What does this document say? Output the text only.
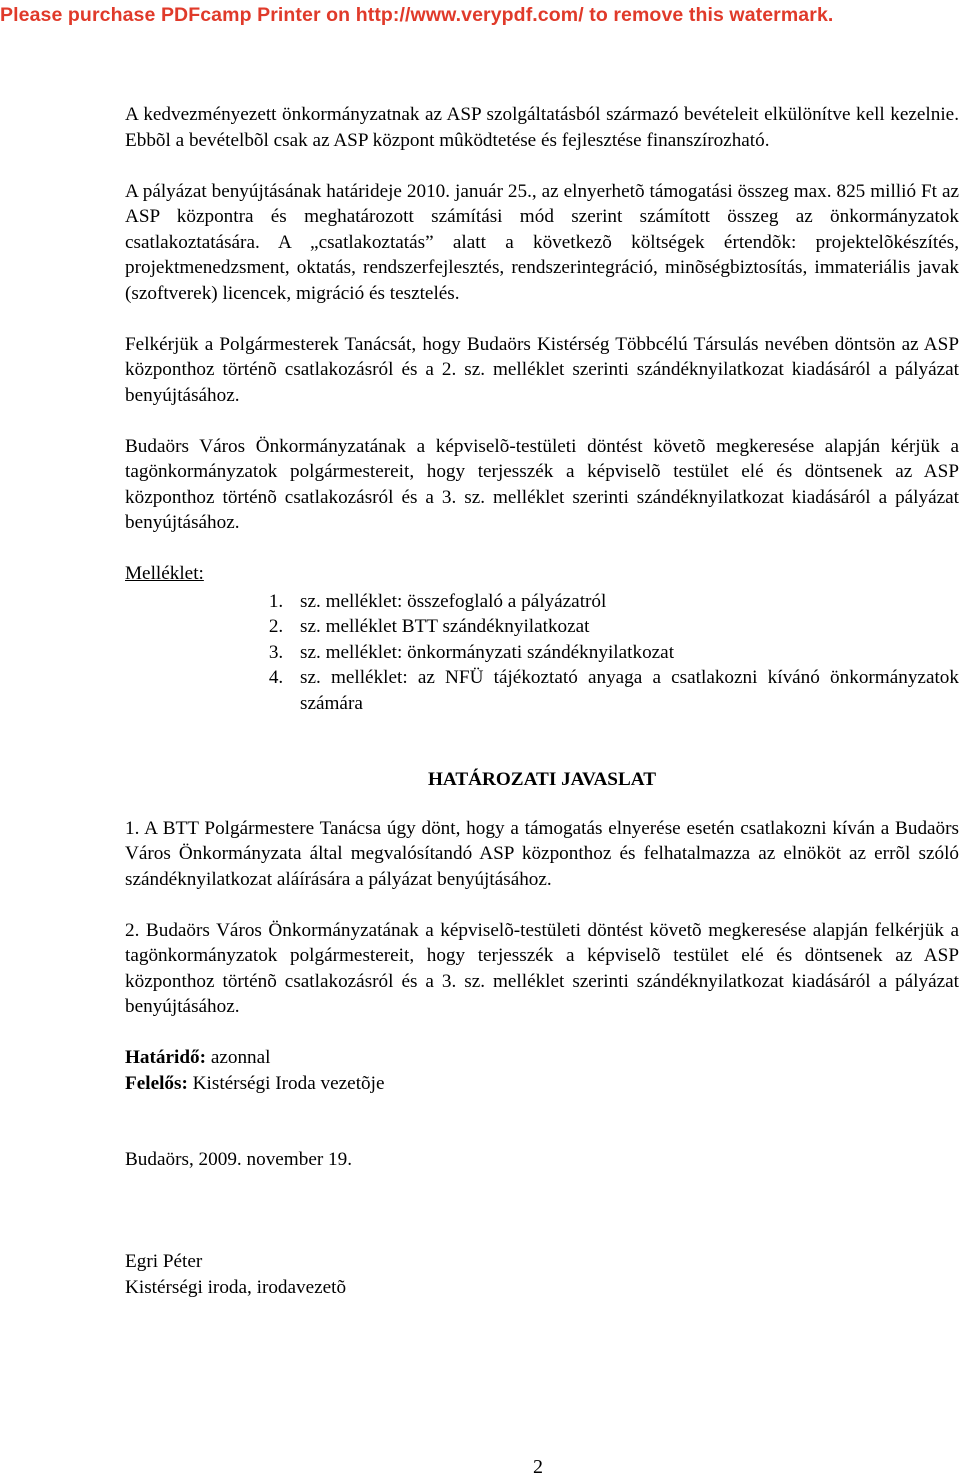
Please purchase PDFcamp Printer on http://www.verypdf.com/ to remove this watermark.

A kedvezményezett önkormányzatnak az ASP szolgáltatásból származó bevételeit elkülönítve kell kezelnie. Ebbõl a bevételbõl csak az ASP központ mûködtetése és fejlesztése finanszírozható.

A pályázat benyújtásának határideje 2010. január 25., az elnyerhetõ támogatási összeg max. 825 millió Ft az ASP központra és meghatározott számítási mód szerint számított összeg az önkormányzatok csatlakoztatására. A „csatlakoztatás” alatt a következõ költségek értendõk: projektelõkészítés, projektmenedzsment, oktatás, rendszerfejlesztés, rendszerintegráció, minõségbiztosítás, immateriális javak (szoftverek) licencek, migráció és tesztelés.

Felkérjük a Polgármesterek Tanácsát, hogy Budaörs Kistérség Többcélú Társulás nevében döntsön az ASP központhoz történõ csatlakozásról és a 2. sz. melléklet szerinti szándéknyilatkozat kiadásáról a pályázat benyújtásához.

Budaörs Város Önkormányzatának a képviselõ-testületi döntést követõ megkeresése alapján kérjük a tagönkormányzatok polgármestereit, hogy terjesszék a képviselõ testület elé és döntsenek az ASP központhoz történõ csatlakozásról és a 3. sz. melléklet szerinti szándéknyilatkozat kiadásáról a pályázat benyújtásához.

Melléklet:

1. sz. melléklet: összefoglaló a pályázatról
2. sz. melléklet BTT szándéknyilatkozat
3. sz. melléklet: önkormányzati szándéknyilatkozat
4. sz. melléklet: az NFÜ tájékoztató anyaga a csatlakozni kívánó önkormányzatok számára

HATÁROZATI JAVASLAT

1. A BTT Polgármestere Tanácsa úgy dönt, hogy a támogatás elnyerése esetén csatlakozni kíván a Budaörs Város Önkormányzata által megvalósítandó ASP központhoz és felhatalmazza az elnököt az errõl szóló szándéknyilatkozat aláírására a pályázat benyújtásához.

2. Budaörs Város Önkormányzatának a képviselõ-testületi döntést követõ megkeresése alapján felkérjük a tagönkormányzatok polgármestereit, hogy terjesszék a képviselõ testület elé és döntsenek az ASP központhoz történõ csatlakozásról és a 3. sz. melléklet szerinti szándéknyilatkozat kiadásáról a pályázat benyújtásához.

Határidő: azonnal

Felelős: Kistérségi Iroda vezetõje

Budaörs, 2009. november 19.

Egri Péter

Kistérségi iroda, irodavezetõ

2
